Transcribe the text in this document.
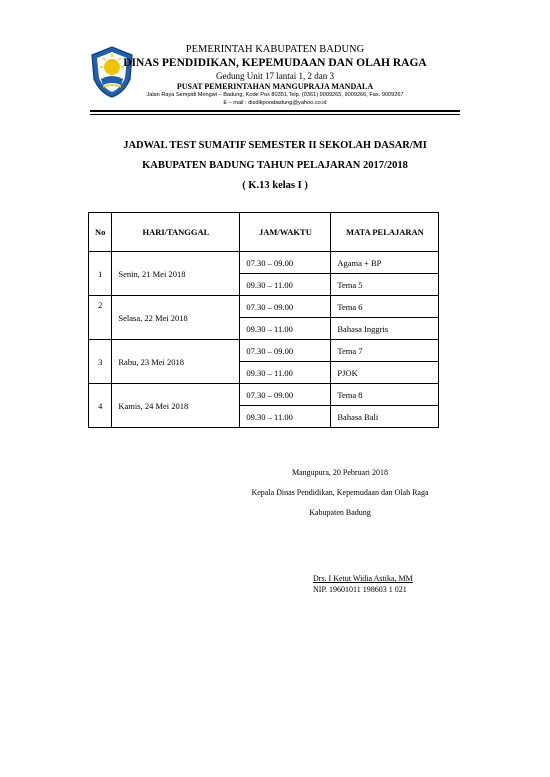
PEMERINTAH KABUPATEN BADUNG
DINAS PENDIDIKAN, KEPEMUDAAN DAN OLAH RAGA
Gedung Unit 17 lantai 1, 2 dan 3
PUSAT PEMERINTAHAN MANGUPRAJA MANDALA
Jalan Raya Sempidi Mengwi – Badung, Kode Pos 80351,Telp. (0361) 9009265, 9009266, Fax. 9009267
E – mail : disdikporabadung@yahoo.co.id
JADWAL TEST SUMATIF SEMESTER II SEKOLAH DASAR/MI
KABUPATEN BADUNG TAHUN PELAJARAN 2017/2018
( K.13 kelas I )
No	HARI/TANGGAL	JAM/WAKTU	MATA PELAJARAN
1	Senin, 21 Mei 2018	07.30 – 09.00	Agama + BP
		09.30 – 11.00	Tema 5
2	Selasa, 22 Mei 2018	07.30 – 09.00	Tema 6
		09.30 – 11.00	Bahasa Inggris
3	Rabu, 23 Mei 2018	07.30 – 09.00	Tema 7
		09.30 – 11.00	PJOK
4	Kamis, 24 Mei 2018	07.30 – 09.00	Tema 8
		09.30 – 11.00	Bahasa Bali
Mangupura, 20 Pebruari 2018
Kepala Dinas Pendidikan, Kepemudaan dan Olah Raga
Kabupaten Badung
Drs. I Ketut Widia Astika, MM
NIP. 19601011 198603 1 021
